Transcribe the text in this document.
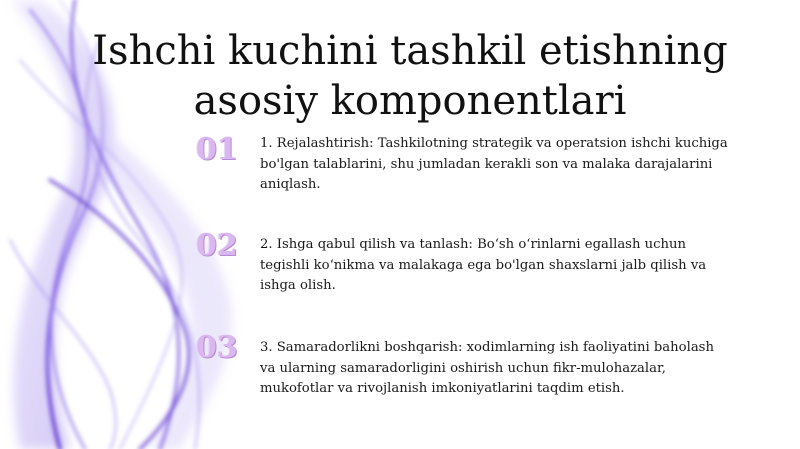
Ishchi kuchini tashkil etishning
asosiy komponentlari
01	1. Rejalashtirish: Tashkilotning strategik va operatsion ishchi kuchiga bo'lgan talablarini, shu jumladan kerakli son va malaka darajalarini aniqlash.
02	2. Ishga qabul qilish va tanlash: Bo‘sh o‘rinlarni egallash uchun tegishli ko‘nikma va malakaga ega bo'lgan shaxslarni jalb qilish va ishga olish.
03	3. Samaradorlikni boshqarish: xodimlarning ish faoliyatini baholash va ularning samaradorligini oshirish uchun fikr-mulohazalar, mukofotlar va rivojlanish imkoniyatlarini taqdim etish.
